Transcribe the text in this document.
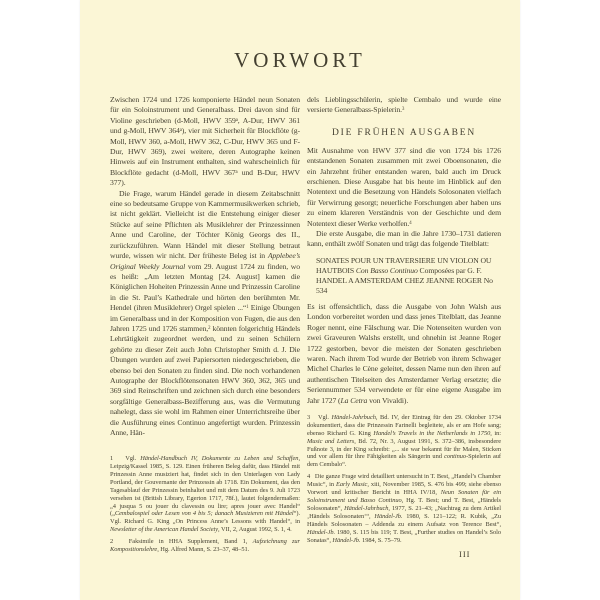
VORWORT

Zwischen 1724 und 1726 komponierte Händel neun Sonaten für ein Soloinstrument und Generalbass. Drei davon sind für Violine geschrieben (d-Moll, HWV 359$^a$, A-Dur, HWV 361 und g-Moll, HWV 364$^a$), vier mit Sicherheit für Blockflöte (g-Moll, HWV 360, a-Moll, HWV 362, C-Dur, HWV 365 und F-Dur, HWV 369), zwei weitere, deren Autographe keinen Hinweis auf ein Instrument enthalten, sind wahrscheinlich für Blockflöte gedacht (d-Moll, HWV 367$^a$ und B-Dur, HWV 377).

Die Frage, warum Händel gerade in diesem Zeitabschnitt eine so bedeutsame Gruppe von Kammermusikwerken schrieb, ist nicht geklärt. Vielleicht ist die Entstehung einiger dieser Stücke auf seine Pflichten als Musiklehrer der Prinzessinnen Anne und Caroline, der Töchter König Georgs des II., zurückzuführen. Wann Händel mit dieser Stellung betraut wurde, wissen wir nicht. Der früheste Beleg ist in Applebee’s Original Weekly Journal vom 29. August 1724 zu finden, wo es heißt: „Am letzten Montag [24. August] kamen die Königlichen Hoheiten Prinzessin Anne und Prinzessin Caroline in die St. Paul’s Kathedrale und hörten den berühmten Mr. Hendel (ihren Musiklehrer) Orgel spielen ...“$^1$ Einige Übungen im Generalbass und in der Komposition von Fugen, die aus den Jahren 1725 und 1726 stammen,$^2$ könnten folgerichtig Händels Lehrtätigkeit zugeordnet werden, und zu seinen Schülern gehörte zu dieser Zeit auch John Christopher Smith d. J. Die Übungen wurden auf zwei Papiersorten niedergeschrieben, die ebenso bei den Sonaten zu finden sind. Die noch vorhandenen Autographe der Blockflötensonaten HWV 360, 362, 365 und 369 sind Reinschriften und zeichnen sich durch eine besonders sorgfältige Generalbass-Bezifferung aus, was die Vermutung nahelegt, dass sie wohl im Rahmen einer Unterrichtsreihe über die Ausführung eines Continuo angefertigt wurden. Prinzessin Anne, Hän-

1   Vgl. Händel-Handbuch IV, Dokumente zu Leben und Schaffen, Leipzig/Kassel 1985, S. 129. Einen früheren Beleg dafür, dass Händel mit Prinzessin Anne musiziert hat, findet sich in den Unterlagen von Lady Portland, der Gouvernante der Prinzessin ab 1718. Ein Dokument, das den Tagesablauf der Prinzessin beinhaltet und mit dem Datum des 9. Juli 1723 versehen ist (British Library, Egerton 1717, 78f.), lautet folgendermaßen: „4 jusqua 5 ou jouer du clavessin ou lire; apres jouer avec Handel“ („Cembalospiel oder Lesen von 4 bis 5; danach Musizieren mit Händel“). Vgl. Richard G. King „On Princess Anne’s Lessons with Handel“, in Newsletter of the American Handel Society, VII, 2, August 1992, S. 1, 4.

2   Faksimile in HHA Supplement, Band 1, Aufzeichnung zur Kompositionslehre, Hg. Alfred Mann, S. 23–37, 48–51.

dels Lieblingsschülerin, spielte Cembalo und wurde eine versierte Generalbass-Spielerin.$^3$

DIE FRÜHEN AUSGABEN

Mit Ausnahme von HWV 377 sind die von 1724 bis 1726 entstandenen Sonaten zusammen mit zwei Oboensonaten, die ein Jahrzehnt früher entstanden waren, bald auch im Druck erschienen. Diese Ausgabe hat bis heute im Hinblick auf den Notentext und die Besetzung von Händels Solosonaten vielfach für Verwirrung gesorgt; neuerliche Forschungen aber haben uns zu einem klareren Verständnis von der Geschichte und dem Notentext dieser Werke verholfen.$^4$

Die erste Ausgabe, die man in die Jahre 1730–1731 datieren kann, enthält zwölf Sonaten und trägt das folgende Titelblatt:

SONATES POUR UN TRAVERSIERE UN VIOLON OU HAUTBOIS Con Basso Continuo Composées par G. F. HANDEL A AMSTERDAM CHEZ JEANNE ROGER No 534

Es ist offensichtlich, dass die Ausgabe von John Walsh aus London vorbereitet worden und dass jenes Titelblatt, das Jeanne Roger nennt, eine Fälschung war. Die Notenseiten wurden von zwei Graveuren Walshs erstellt, und ohnehin ist Jeanne Roger 1722 gestorben, bevor die meisten der Sonaten geschrieben waren. Nach ihrem Tod wurde der Betrieb von ihrem Schwager Michel Charles le Cène geleitet, dessen Name nun den ihren auf authentischen Titelseiten des Amsterdamer Verlag ersetzte; die Seriennummer 534 verwendete er für eine eigene Ausgabe im Jahr 1727 (La Cetra von Vivaldi).

3   Vgl. Händel-Jahrbuch, Bd. IV, der Eintrag für den 29. Oktober 1734 dokumentiert, dass die Prinzessin Farinelli begleitete, als er am Hofe sang; ebenso Richard G. King Handel’s Travels in the Netherlands in 1750, in: Music and Letters, Bd. 72, Nr. 3, August 1991, S. 372–386, insbesondere Fußnote 3, in der King schreibt: „... sie war bekannt für ihr Malen, Sticken und vor allem für ihre Fähigkeiten als Sängerin und continuo-Spielerin auf dem Cembalo“.

4   Die ganze Frage wird detailliert untersucht in T. Best, „Handel’s Chamber Music“, in Early Music, xiii, November 1985, S. 476 bis 499; siehe ebenso Vorwort und kritischer Bericht in HHA IV/18, Neun Sonaten für ein Soloinstrument und Basso Continuo, Hg. T. Best; und T. Best, „Händels Solosonaten“, Händel-Jahrbuch, 1977, S. 21–43; „Nachtrag zu dem Artikel ‚Händels Solosonaten‘“, Händel-Jb. 1980, S. 121–122; R. Kubik, „Zu Händels Solosonaten – Addenda zu einem Aufsatz von Terence Best“, Händel-Jb. 1980, S. 115 bis 119; T. Best, „Further studies on Handel’s Solo Sonatas“, Händel-Jb. 1984, S. 75–79.

III
